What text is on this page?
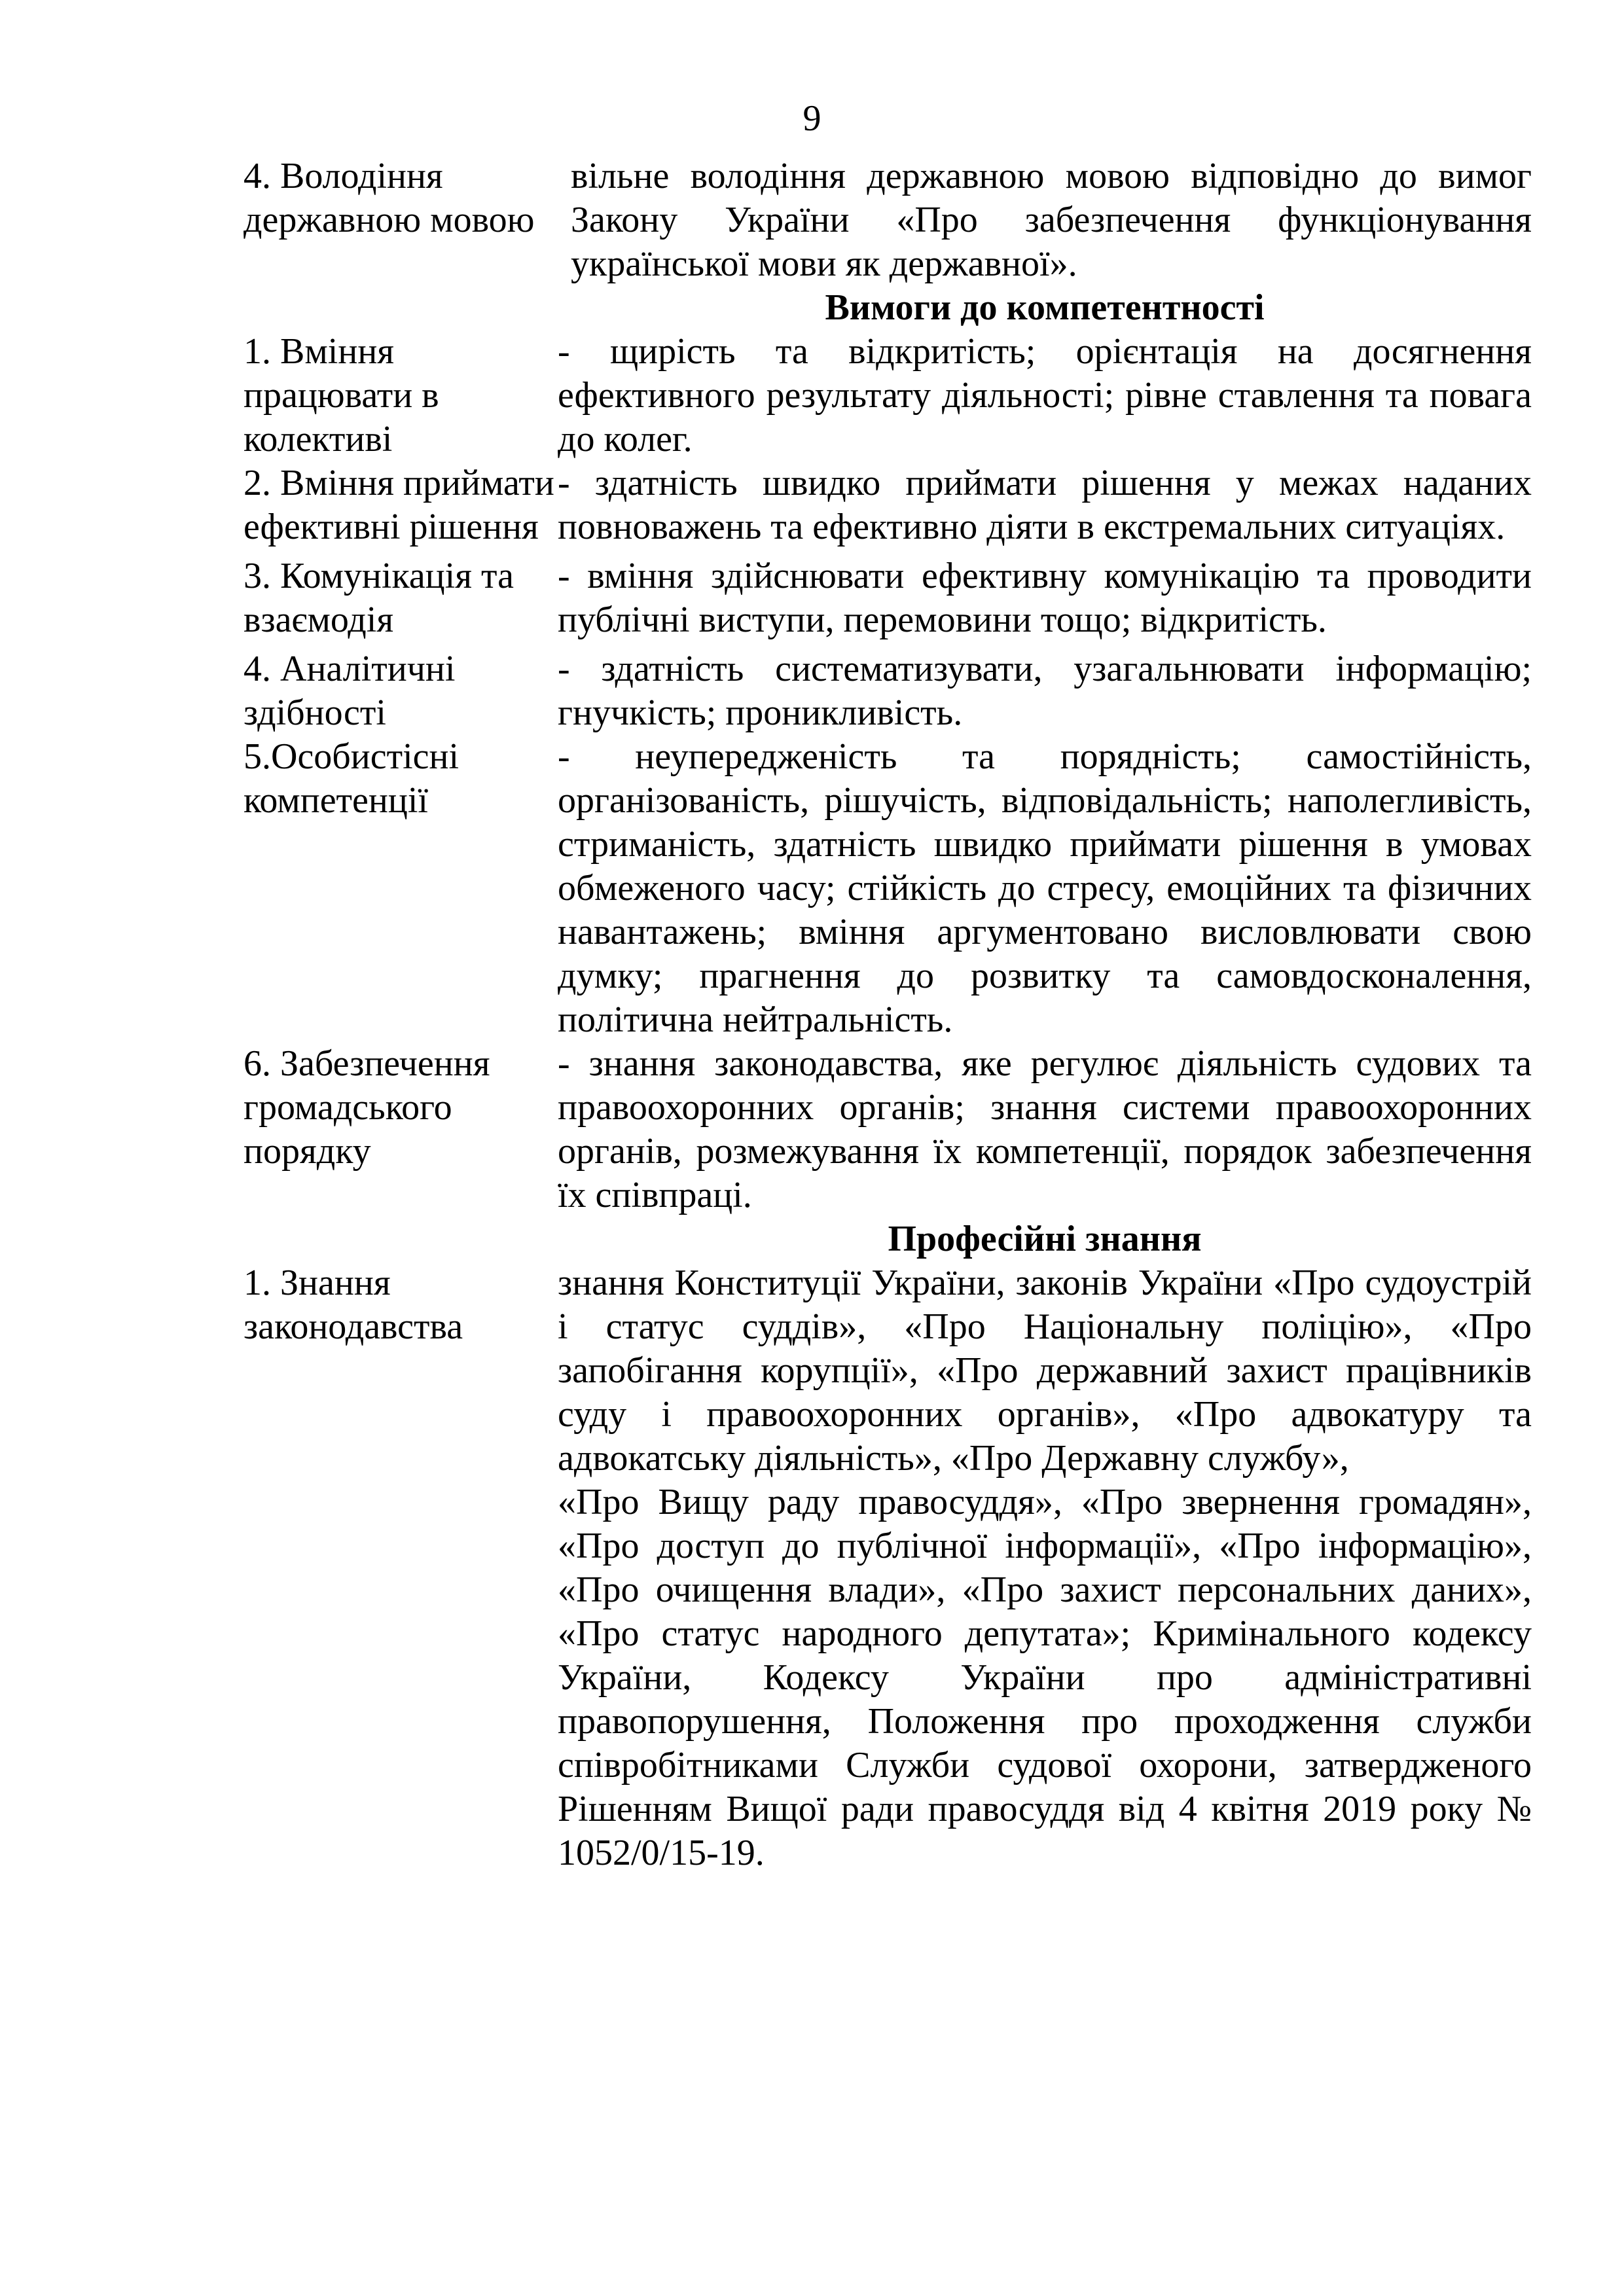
9
4. Володіння державною мовою
вільне володіння державною мовою відповідно до вимог Закону України «Про забезпечення функціонування української мови як державної».
Вимоги до компетентності
1. Вміння працювати в колективі
- щирість та відкритість; орієнтація на досягнення ефективного результату діяльності; рівне ставлення та повага до колег.
2. Вміння приймати ефективні рішення
- здатність швидко приймати рішення у межах наданих повноважень та ефективно діяти в екстремальних ситуаціях.
3. Комунікація та взаємодія
- вміння здійснювати ефективну комунікацію та проводити публічні виступи, перемовини тощо; відкритість.
4. Аналітичні здібності
- здатність систематизувати, узагальнювати інформацію; гнучкість; проникливість.
5.Особистісні компетенції
- неупередженість та порядність; самостійність, організованість, рішучість, відповідальність; наполегливість, стриманість, здатність швидко приймати рішення в умовах обмеженого часу; стійкість до стресу, емоційних та фізичних навантажень; вміння аргументовано висловлювати свою думку; прагнення до розвитку та самовдосконалення, політична нейтральність.
6. Забезпечення громадського порядку
- знання законодавства, яке регулює діяльність судових та правоохоронних органів; знання системи правоохоронних органів, розмежування їх компетенції, порядок забезпечення їх співпраці.
Професійні знання
1. Знання законодавства

знання Конституції України, законів України «Про судоустрій і статус суддів», «Про Національну поліцію», «Про запобігання корупції», «Про державний захист працівників суду і правоохоронних органів», «Про адвокатуру та адвокатську діяльність», «Про Державну службу»,

«Про Вищу раду правосуддя», «Про звернення громадян», «Про доступ до публічної інформації», «Про інформацію», «Про очищення влади», «Про захист персональних даних», «Про статус народного депутата»; Кримінального кодексу України, Кодексу України про адміністративні правопорушення, Положення про проходження служби співробітниками Служби судової охорони, затвердженого Рішенням Вищої ради правосуддя від 4 квітня 2019 року № 1052/0/15-19.
